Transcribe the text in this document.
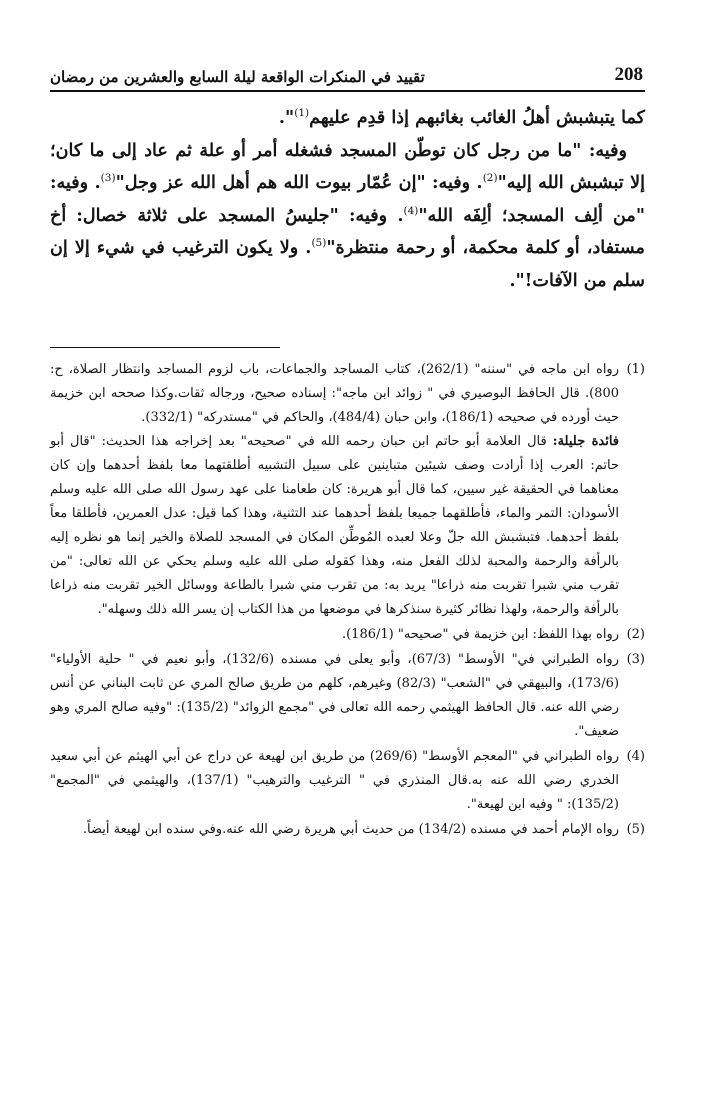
208
تقييد في المنكرات الواقعة ليلة السابع والعشرين من رمضان

كما يتبشبش أهلُ الغائب بغائبهم إذا قدِم عليهم$^{(1)}$".

وفيه: "ما من رجل كان توطّن المسجد فشغله أمر أو علة ثم عاد إلى ما كان؛ إلا تبشبش الله إليه"$^{(2)}$. وفيه: "إن عُمّار بيوت الله هم أهل الله عز وجل"$^{(3)}$. وفيه: "من ألِف المسجد؛ ألِفَه الله"$^{(4)}$. وفيه: "جليسُ المسجد على ثلاثة خصال: أخ مستفاد، أو كلمة محكمة، أو رحمة منتظرة"$^{(5)}$. ولا يكون الترغيب في شيء إلا إن سلم من الآفات!".

(1)

رواه ابن ماجه في "سننه" (262/1)، كتاب المساجد والجماعات، باب لزوم المساجد وانتظار الصلاة، ح: 800). قال الحافظ البوصيري في " زوائد ابن ماجه": إسناده صحيح، ورجاله ثقات.وكذا صححه ابن خزيمة حيث أورده في صحيحه (186/1)، وابن حبان (484/4)، والحاكم في "مستدركه" (332/1).

فائدة جليلة: قال العلامة أبو حاتم ابن حبان رحمه الله في "صحيحه" بعد إخراجه هذا الحديث: "قال أبو حاتم: العرب إذا أرادت وصف شيئين متباينين على سبيل التشبيه أطلقتهما معا بلفظ أحدهما وإن كان معناهما في الحقيقة غير سيين، كما قال أبو هريرة: كان طعامنا على عهد رسول الله صلى الله عليه وسلم الأسودان: التمر والماء، فأطلقهما جميعا بلفظ أحدهما عند التثنية، وهذا كما قيل: عدل العمرين، فأطلقا معاً بلفظ أحدهما. فتبشبش الله جلّ وعلا لعبده المُوطِّن المكان في المسجد للصلاة والخير إنما هو نظره إليه بالرأفة والرحمة والمحبة لذلك الفعل منه، وهذا كقوله صلى الله عليه وسلم يحكي عن الله تعالى: "من تقرب مني شبرا تقربت منه ذراعا" يريد به: من تقرب مني شبرا بالطاعة ووسائل الخير تقربت منه ذراعا بالرأفة والرحمة، ولهذا نظائر كثيرة سنذكرها في موضعها من هذا الكتاب إن يسر الله ذلك وسهله".

(2)

رواه بهذا اللفظ: ابن خزيمة في "صحيحه" (186/1).

(3)

رواه الطبراني في" الأوسط" (67/3)، وأبو يعلى في مسنده (132/6)، وأبو نعيم في " حلية الأولياء" (173/6)، والبيهقي في "الشعب" (82/3) وغيرهم، كلهم من طريق صالح المري عن ثابت البناني عن أنس رضي الله عنه. قال الحافظ الهيثمي رحمه الله تعالى في "مجمع الزوائد" (135/2): "وفيه صالح المري وهو ضعيف".

(4)

رواه الطبراني في "المعجم الأوسط" (269/6) من طريق ابن لهيعة عن دراج عن أبي الهيثم عن أبي سعيد الخدري رضي الله عنه به.قال المنذري في " الترغيب والترهيب" (137/1)، والهيثمي في "المجمع" (135/2): " وفيه ابن لهيعة".

(5)

رواه الإمام أحمد في مسنده (134/2) من حديث أبي هريرة رضي الله عنه.وفي سنده ابن لهيعة أيضاً.
